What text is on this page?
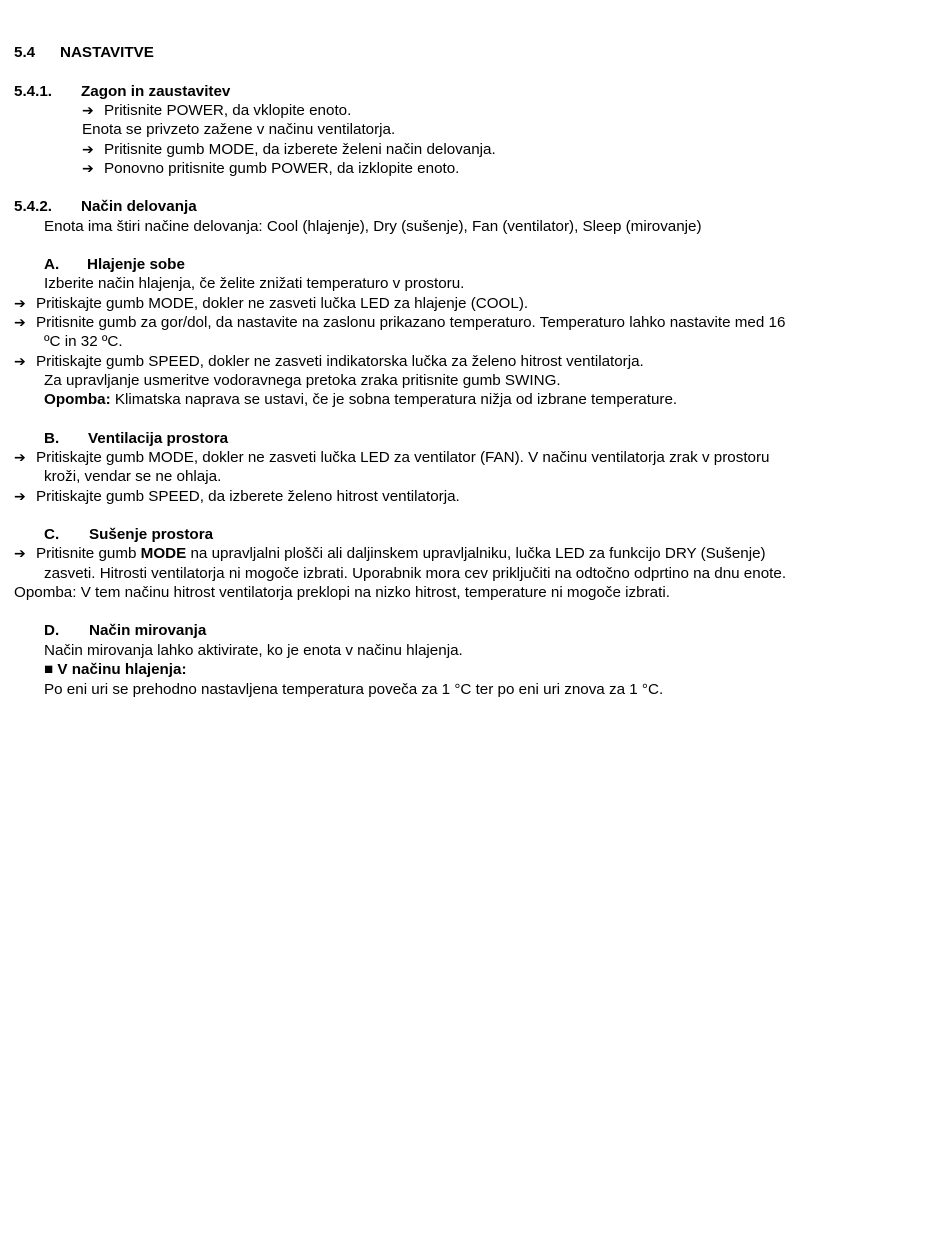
5.4 NASTAVITVE
5.4.1. Zagon in zaustavitev
➔ Pritisnite POWER, da vklopite enoto.
Enota se privzeto zažene v načinu ventilatorja.
➔ Pritisnite gumb MODE, da izberete želeni način delovanja.
➔ Ponovno pritisnite gumb POWER, da izklopite enoto.
5.4.2. Način delovanja
Enota ima štiri načine delovanja: Cool (hlajenje), Dry (sušenje), Fan (ventilator), Sleep (mirovanje)
A. Hlajenje sobe
Izberite način hlajenja, če želite znižati temperaturo v prostoru.
➔ Pritiskajte gumb MODE, dokler ne zasveti lučka LED za hlajenje (COOL).
➔ Pritisnite gumb za gor/dol, da nastavite na zaslonu prikazano temperaturo. Temperaturo lahko nastavite med 16
ºC in 32 ºC.
➔ Pritiskajte gumb SPEED, dokler ne zasveti indikatorska lučka za želeno hitrost ventilatorja.
Za upravljanje usmeritve vodoravnega pretoka zraka pritisnite gumb SWING.
Opomba: Klimatska naprava se ustavi, če je sobna temperatura nižja od izbrane temperature.
B. Ventilacija prostora
➔ Pritiskajte gumb MODE, dokler ne zasveti lučka LED za ventilator (FAN). V načinu ventilatorja zrak v prostoru
kroži, vendar se ne ohlaja.
➔ Pritiskajte gumb SPEED, da izberete želeno hitrost ventilatorja.
C. Sušenje prostora
➔ Pritisnite gumb MODE na upravljalni plošči ali daljinskem upravljalniku, lučka LED za funkcijo DRY (Sušenje)
zasveti. Hitrosti ventilatorja ni mogoče izbrati. Uporabnik mora cev priključiti na odtočno odprtino na dnu enote.
Opomba: V tem načinu hitrost ventilatorja preklopi na nizko hitrost, temperature ni mogoče izbrati.
D. Način mirovanja
Način mirovanja lahko aktivirate, ko je enota v načinu hlajenja.
■ V načinu hlajenja:
Po eni uri se prehodno nastavljena temperatura poveča za 1 °C ter po eni uri znova za 1 °C.
